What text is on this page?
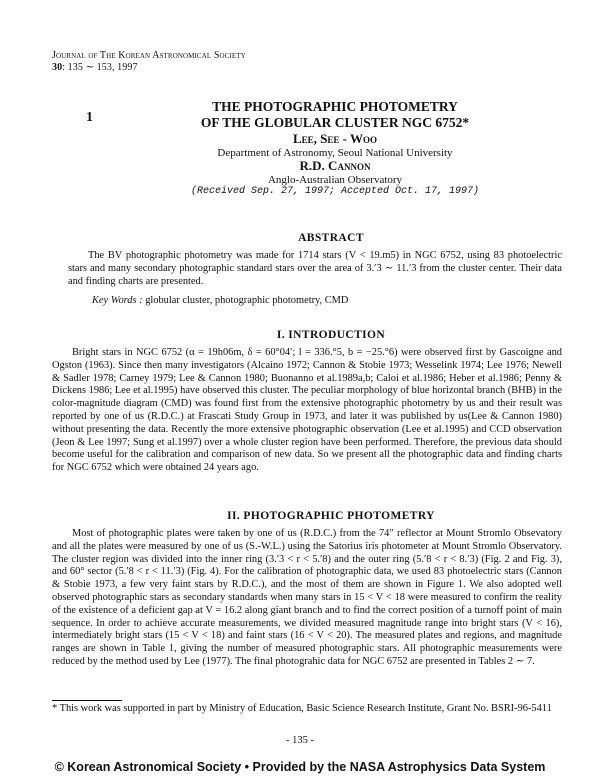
Journal of The Korean Astronomical Society
30: 135 ∼ 153, 1997
1
THE PHOTOGRAPHIC PHOTOMETRY
OF THE GLOBULAR CLUSTER NGC 6752*
Lee, See - Woo
Department of Astronomy, Seoul National University
R.D. Cannon
Anglo-Australian Observatory
(Received Sep. 27, 1997; Accepted Oct. 17, 1997)
ABSTRACT

The BV photographic photometry was made for 1714 stars (V < 19.m5) in NGC 6752, using 83 photoelectric stars and many secondary photographic standard stars over the area of 3.′3 ∼ 11.′3 from the cluster center. Their data and finding charts are presented.

Key Words : globular cluster, photographic photometry, CMD
I. INTRODUCTION

Bright stars in NGC 6752 (α = 19h06m, δ = 60°04′; l = 336.°5, b = −25.°6) were observed first by Gascoigne and Ogston (1963). Since then many investigators (Alcaino 1972; Cannon & Stobie 1973; Wesselink 1974; Lee 1976; Newell & Sadler 1978; Carney 1979; Lee & Cannon 1980; Buonanno et al.1989a,b; Caloi et al.1986; Heber et al.1986; Penny & Dickens 1986; Lee et al.1995) have observed this cluster. The peculiar morphology of blue horizontal branch (BHB) in the color-magnitude diagram (CMD) was found first from the extensive photographic photometry by us and their result was reported by one of us (R.D.C.) at Frascati Study Group in 1973, and later it was published by us(Lee & Cannon 1980) without presenting the data. Recently the more extensive photographic observation (Lee et al.1995) and CCD observation (Jeon & Lee 1997; Sung et al.1997) over a whole cluster region have been performed. Therefore, the previous data should become useful for the calibration and comparison of new data. So we present all the photographic data and finding charts for NGC 6752 which were obtained 24 years ago.

II. PHOTOGRAPHIC PHOTOMETRY

Most of photographic plates were taken by one of us (R.D.C.) from the 74″ reflector at Mount Stromlo Obsevatory and all the plates were measured by one of us (S.-W.L.) using the Satorius iris photometer at Mount Stromlo Observatory. The cluster region was divided into the inner ring (3.′3 < r < 5.′8) and the outer ring (5.′8 < r < 8.′3) (Fig. 2 and Fig. 3), and 60° sector (5.′8 < r < 11.′3) (Fig. 4). For the calibration of photographic data, we used 83 photoelectric stars (Cannon & Stobie 1973, a few very faint stars by R.D.C.), and the most of them are shown in Figure 1. We also adopted well observed photographic stars as secondary standards when many stars in 15 < V < 18 were measured to confirm the reality of the existence of a deficient gap at V = 16.2 along giant branch and to find the correct position of a turnoff point of main sequence. In order to achieve accurate measurements, we divided measured magnitude range into bright stars (V < 16), intermediately bright stars (15 < V < 18) and faint stars (16 < V < 20). The measured plates and regions, and magnitude ranges are shown in Table 1, giving the number of measured photographic stars. All photographic measurements were reduced by the method used by Lee (1977). The final photograhic data for NGC 6752 are presented in Tables 2 ∼ 7.

* This work was supported in part by Ministry of Education, Basic Science Research Institute, Grant No. BSRI-96-5411
- 135 -
© Korean Astronomical Society • Provided by the NASA Astrophysics Data System
